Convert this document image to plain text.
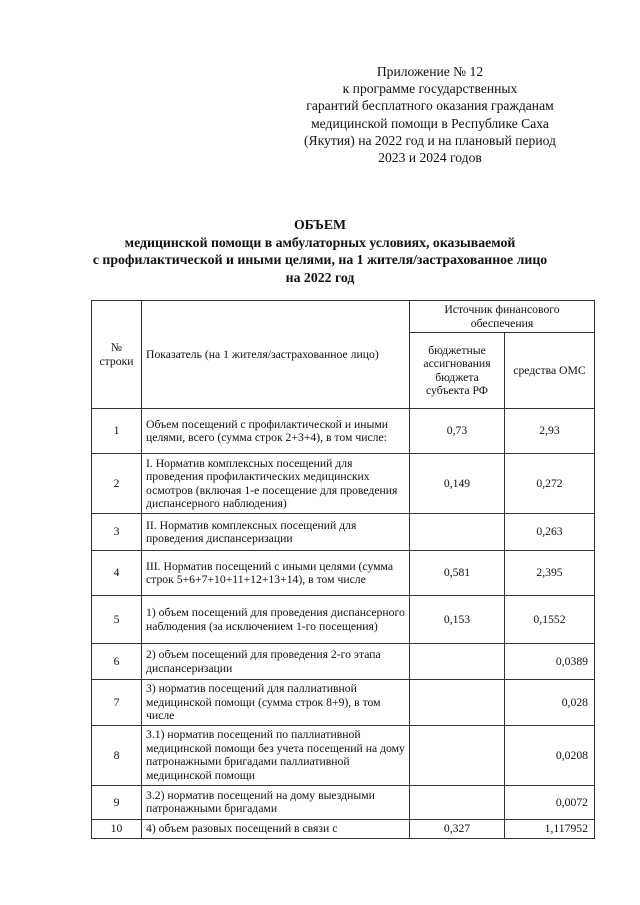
Приложение № 12
к программе государственных
гарантий бесплатного оказания гражданам
медицинской помощи в Республике Саха
(Якутия) на 2022 год и на плановый период
2023 и 2024 годов
ОБЪЕМ
медицинской помощи в амбулаторных условиях, оказываемой
с профилактической и иными целями, на 1 жителя/застрахованное лицо
на 2022 год
№ строки	Показатель (на 1 жителя/застрахованное лицо)	Источник финансового обеспечения	
		бюджетные ассигнования бюджета субъекта РФ	средства ОМС
1	Объем посещений с профилактической и иными целями, всего (сумма строк 2+3+4), в том числе:	0,73	2,93
2	I. Норматив комплексных посещений для проведения профилактических медицинских осмотров (включая 1-е посещение для проведения диспансерного наблюдения)	0,149	0,272
3	II. Норматив комплексных посещений для проведения диспансеризации		0,263
4	III. Норматив посещений с иными целями (сумма строк 5+6+7+10+11+12+13+14), в том числе	0,581	2,395
5	1) объем посещений для проведения диспансерного наблюдения (за исключением 1-го посещения)	0,153	0,1552
6	2) объем посещений для проведения 2-го этапа диспансеризации		0,0389
7	3) норматив посещений для паллиативной медицинской помощи (сумма строк 8+9), в том числе		0,028
8	3.1) норматив посещений по паллиативной медицинской помощи без учета посещений на дому патронажными бригадами паллиативной медицинской помощи		0,0208
9	3.2) норматив посещений на дому выездными патронажными бригадами		0,0072
10	4) объем разовых посещений в связи с	0,327	1,117952
